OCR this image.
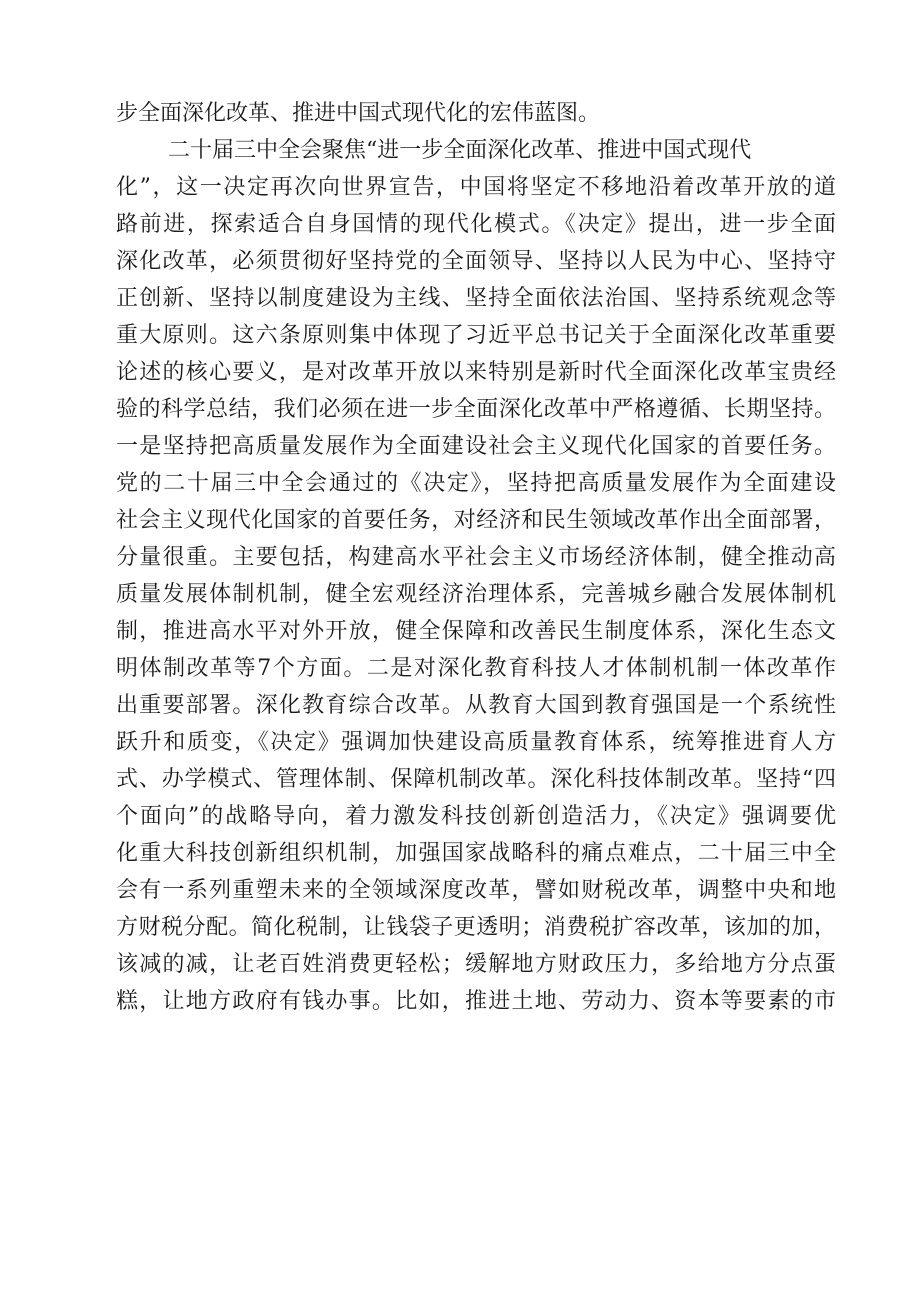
步全面深化改革、推进中国式现代化的宏伟蓝图。
二十届三中全会聚焦“进一步全面深化改革、推进中国式现代
化”，这一决定再次向世界宣告，中国将坚定不移地沿着改革开放的道
路前进，探索适合自身国情的现代化模式。《决定》提出，进一步全面
深化改革，必须贯彻好坚持党的全面领导、坚持以人民为中心、坚持守
正创新、坚持以制度建设为主线、坚持全面依法治国、坚持系统观念等
重大原则。这六条原则集中体现了习近平总书记关于全面深化改革重要
论述的核心要义，是对改革开放以来特别是新时代全面深化改革宝贵经
验的科学总结，我们必须在进一步全面深化改革中严格遵循、长期坚持。
一是坚持把高质量发展作为全面建设社会主义现代化国家的首要任务。
党的二十届三中全会通过的《决定》，坚持把高质量发展作为全面建设
社会主义现代化国家的首要任务，对经济和民生领域改革作出全面部署，
分量很重。主要包括，构建高水平社会主义市场经济体制，健全推动高
质量发展体制机制，健全宏观经济治理体系，完善城乡融合发展体制机
制，推进高水平对外开放，健全保障和改善民生制度体系，深化生态文
明体制改革等7个方面。二是对深化教育科技人才体制机制一体改革作
出重要部署。深化教育综合改革。从教育大国到教育强国是一个系统性
跃升和质变，《决定》强调加快建设高质量教育体系，统筹推进育人方
式、办学模式、管理体制、保障机制改革。深化科技体制改革。坚持“四
个面向”的战略导向，着力激发科技创新创造活力，《决定》强调要优
化重大科技创新组织机制，加强国家战略科的痛点难点，二十届三中全
会有一系列重塑未来的全领域深度改革，譬如财税改革，调整中央和地
方财税分配。简化税制，让钱袋子更透明；消费税扩容改革，该加的加，
该减的减，让老百姓消费更轻松；缓解地方财政压力，多给地方分点蛋
糕，让地方政府有钱办事。比如，推进土地、劳动力、资本等要素的市
